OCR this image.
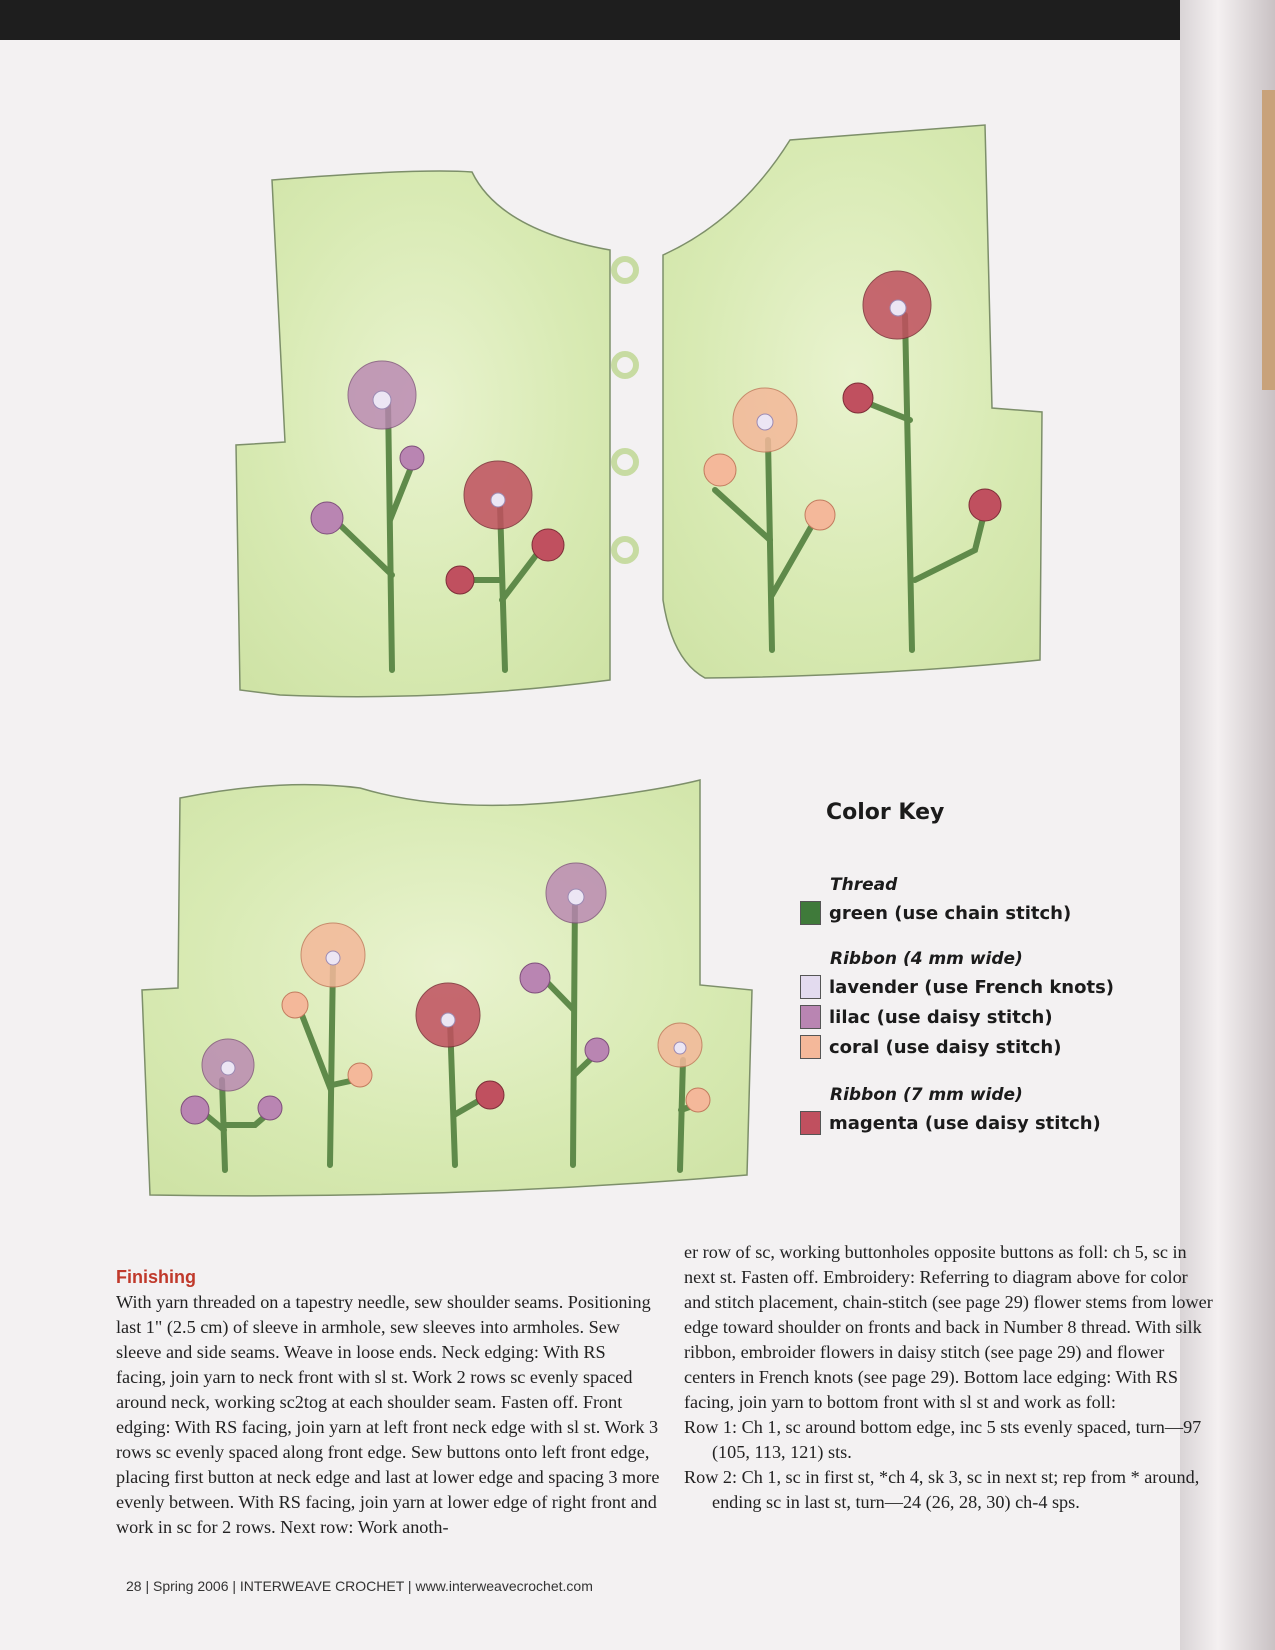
Color Key
Thread
green (use chain stitch)
Ribbon (4 mm wide)
lavender (use French knots)
lilac (use daisy stitch)
coral (use daisy stitch)
Ribbon (7 mm wide)
magenta (use daisy stitch)
Finishing
With yarn threaded on a tapestry needle, sew shoulder seams. Positioning last 1" (2.5 cm) of sleeve in armhole, sew sleeves into armholes. Sew sleeve and side seams. Weave in loose ends. Neck edging: With RS facing, join yarn to neck front with sl st. Work 2 rows sc evenly spaced around neck, working sc2tog at each shoulder seam. Fasten off. Front edging: With RS facing, join yarn at left front neck edge with sl st. Work 3 rows sc evenly spaced along front edge. Sew buttons onto left front edge, placing first button at neck edge and last at lower edge and spacing 3 more evenly between. With RS facing, join yarn at lower edge of right front and work in sc for 2 rows. Next row: Work anoth-
er row of sc, working buttonholes opposite buttons as foll: ch 5, sc in next st. Fasten off. Embroidery: Referring to diagram above for color and stitch placement, chain-stitch (see page 29) flower stems from lower edge toward shoulder on fronts and back in Number 8 thread. With silk ribbon, embroider flowers in daisy stitch (see page 29) and flower centers in French knots (see page 29). Bottom lace edging: With RS facing, join yarn to bottom front with sl st and work as foll:
Row 1: Ch 1, sc around bottom edge, inc 5 sts evenly spaced, turn—97 (105, 113, 121) sts.
Row 2: Ch 1, sc in first st, *ch 4, sk 3, sc in next st; rep from * around, ending sc in last st, turn—24 (26, 28, 30) ch-4 sps.
28 | Spring 2006 | INTERWEAVE CROCHET | www.interweavecrochet.com
